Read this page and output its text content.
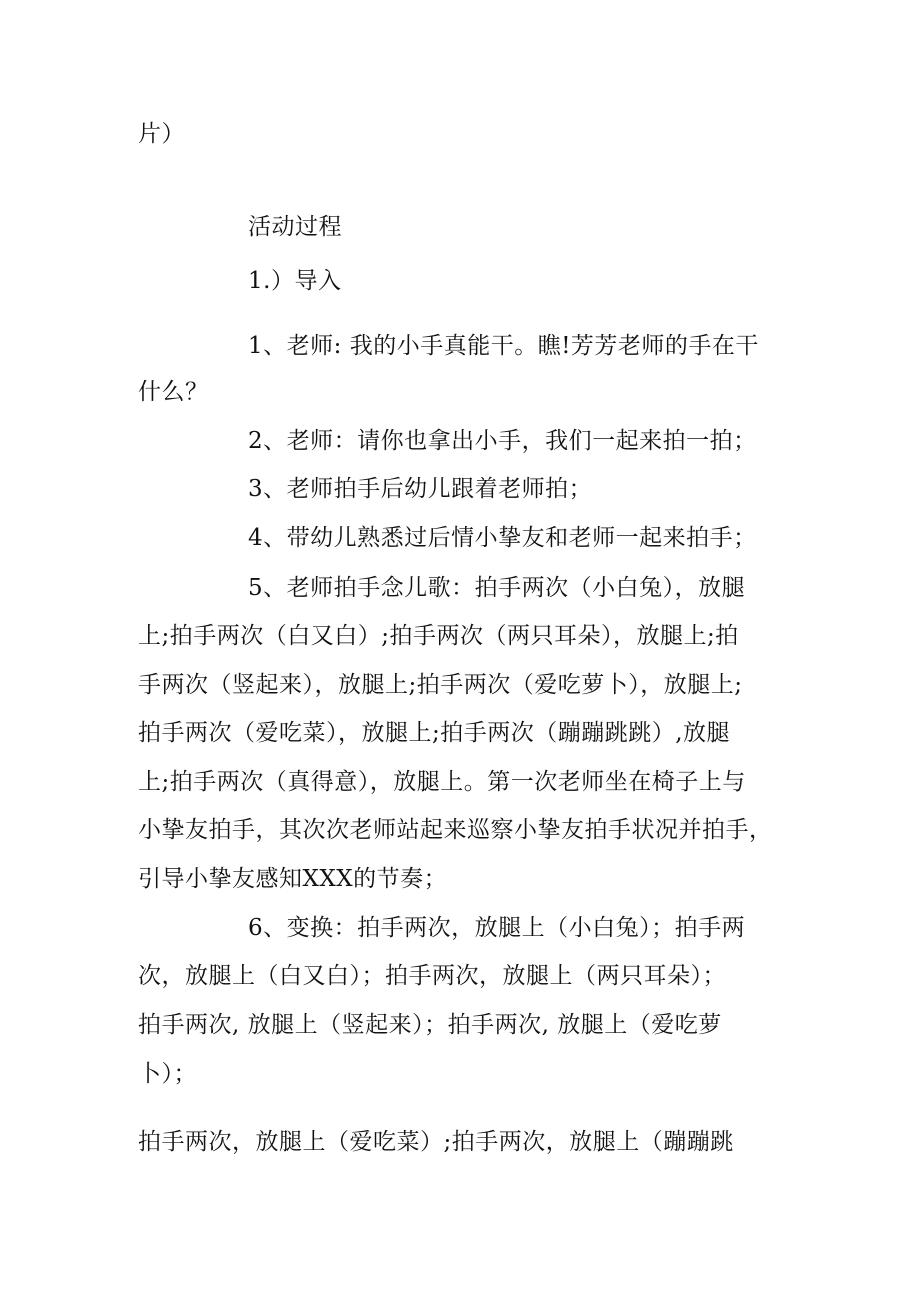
片）

活动过程

1.）导入

1、老师: 我的小手真能干。瞧!芳芳老师的手在干

什么？

2、老师：请你也拿出小手，我们一起来拍一拍；

3、老师拍手后幼儿跟着老师拍；

4、带幼儿熟悉过后情小挚友和老师一起来拍手；

5、老师拍手念儿歌：拍手两次（小白兔），放腿

上;拍手两次（白又白）;拍手两次（两只耳朵），放腿上;拍

手两次（竖起来），放腿上;拍手两次（爱吃萝卜），放腿上;

拍手两次（爱吃菜），放腿上;拍手两次（蹦蹦跳跳）,放腿

上;拍手两次（真得意），放腿上。第一次老师坐在椅子上与

小挚友拍手，其次次老师站起来巡察小挚友拍手状况并拍手，

引导小挚友感知XXX的节奏；

6、变换：拍手两次，放腿上（小白兔）；拍手两

次，放腿上（白又白）；拍手两次，放腿上（两只耳朵）；

拍手两次, 放腿上（竖起来）；拍手两次, 放腿上（爱吃萝

卜）；

拍手两次，放腿上（爱吃菜）;拍手两次，放腿上（蹦蹦跳
